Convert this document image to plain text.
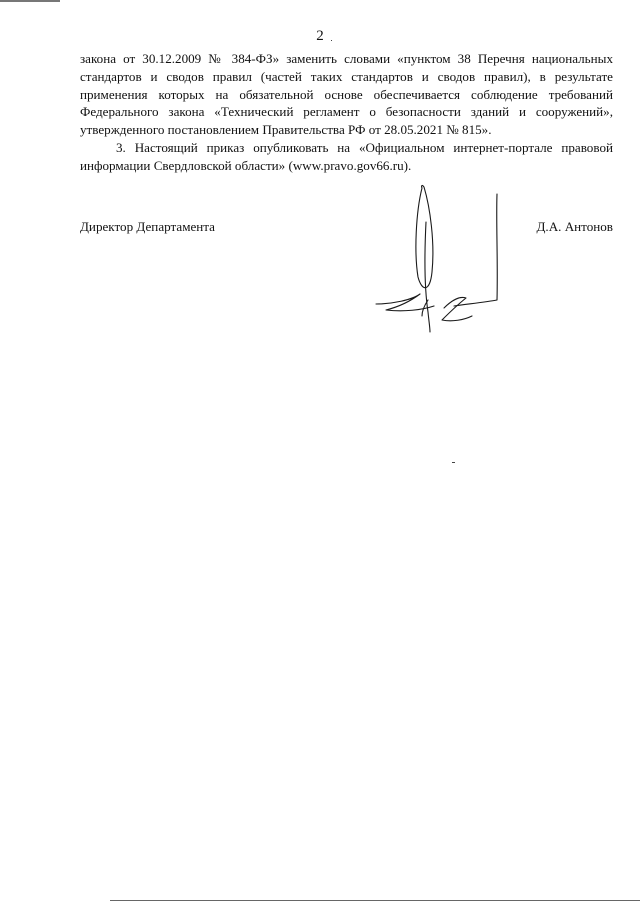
2

закона от 30.12.2009 № 384-ФЗ» заменить словами «пунктом 38 Перечня национальных стандартов и сводов правил (частей таких стандартов и сводов правил), в результате применения которых на обязательной основе обеспечивается соблюдение требований Федерального закона «Технический регламент о безопасности зданий и сооружений», утвержденного постановлением Правительства РФ от 28.05.2021 № 815».

3. Настоящий приказ опубликовать на «Официальном интернет-портале правовой информации Свердловской области» (www.pravo.gov66.ru).

Директор Департамента	Д.А. Антонов
